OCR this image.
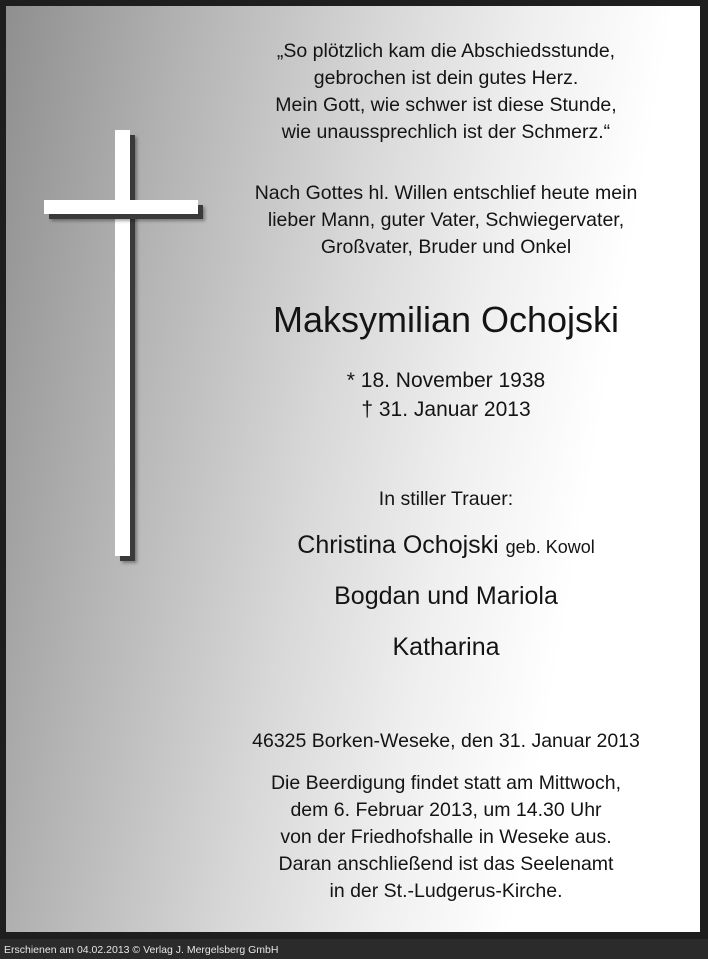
„So plötzlich kam die Abschiedsstunde,
gebrochen ist dein gutes Herz.
Mein Gott, wie schwer ist diese Stunde,
wie unaussprechlich ist der Schmerz.“

Nach Gottes hl. Willen entschlief heute mein
lieber Mann, guter Vater, Schwiegervater,
Großvater, Bruder und Onkel

Maksymilian Ochojski

* 18. November 1938
† 31. Januar 2013

In stiller Trauer:

Christina Ochojski geb. Kowol

Bogdan und Mariola

Katharina

46325 Borken-Weseke, den 31. Januar 2013

Die Beerdigung findet statt am Mittwoch,
dem 6. Februar 2013, um 14.30 Uhr
von der Friedhofshalle in Weseke aus.
Daran anschließend ist das Seelenamt
in der St.-Ludgerus-Kirche.

Erschienen am 04.02.2013 © Verlag J. Mergelsberg GmbH
